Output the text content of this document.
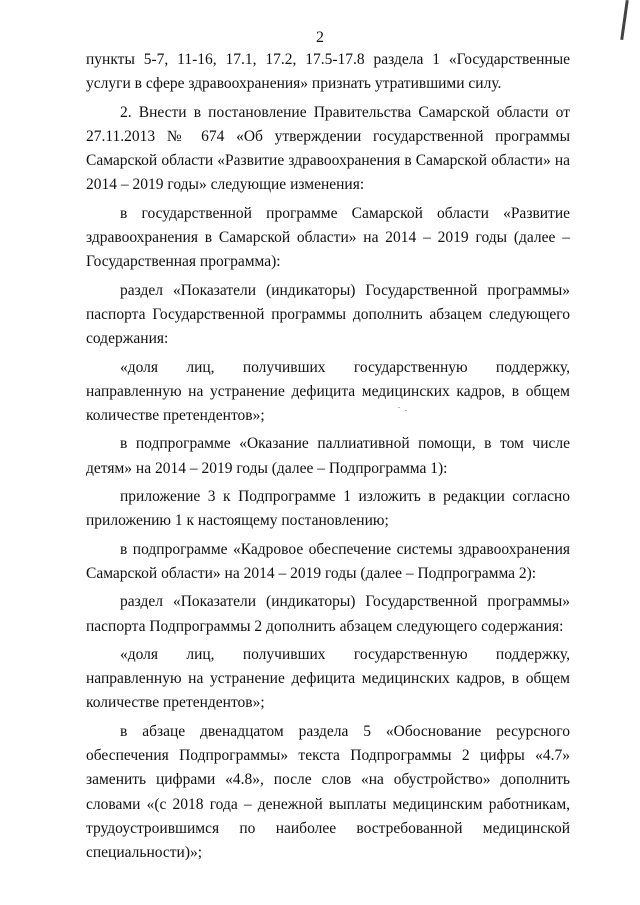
2

пункты 5-7, 11-16, 17.1, 17.2, 17.5-17.8 раздела 1 «Государственные услуги в сфере здравоохранения» признать утратившими силу.

2. Внести в постановление Правительства Самарской области от 27.11.2013 № 674 «Об утверждении государственной программы Самарской области «Развитие здравоохранения в Самарской области» на 2014 – 2019 годы» следующие изменения:

в государственной программе Самарской области «Развитие здравоохранения в Самарской области» на 2014 – 2019 годы (далее – Государственная программа):

раздел «Показатели (индикаторы) Государственной программы» паспорта Государственной программы дополнить абзацем следующего содержания:

«доля лиц, получивших государственную поддержку, направленную на устранение дефицита медицинских кадров, в общем количестве претендентов»;

в подпрограмме «Оказание паллиативной помощи, в том числе детям» на 2014 – 2019 годы (далее – Подпрограмма 1):

приложение 3 к Подпрограмме 1 изложить в редакции согласно приложению 1 к настоящему постановлению;

в подпрограмме «Кадровое обеспечение системы здравоохранения Самарской области» на 2014 – 2019 годы (далее – Подпрограмма 2):

раздел «Показатели (индикаторы) Государственной программы» паспорта Подпрограммы 2 дополнить абзацем следующего содержания:

«доля лиц, получивших государственную поддержку, направленную на устранение дефицита медицинских кадров, в общем количестве претендентов»;

в абзаце двенадцатом раздела 5 «Обоснование ресурсного обеспечения Подпрограммы» текста Подпрограммы 2 цифры «4.7» заменить цифрами «4.8», после слов «на обустройство» дополнить словами «(с 2018 года – денежной выплаты медицинским работникам, трудоустроившимся по наиболее востребованной медицинской специальности)»;
